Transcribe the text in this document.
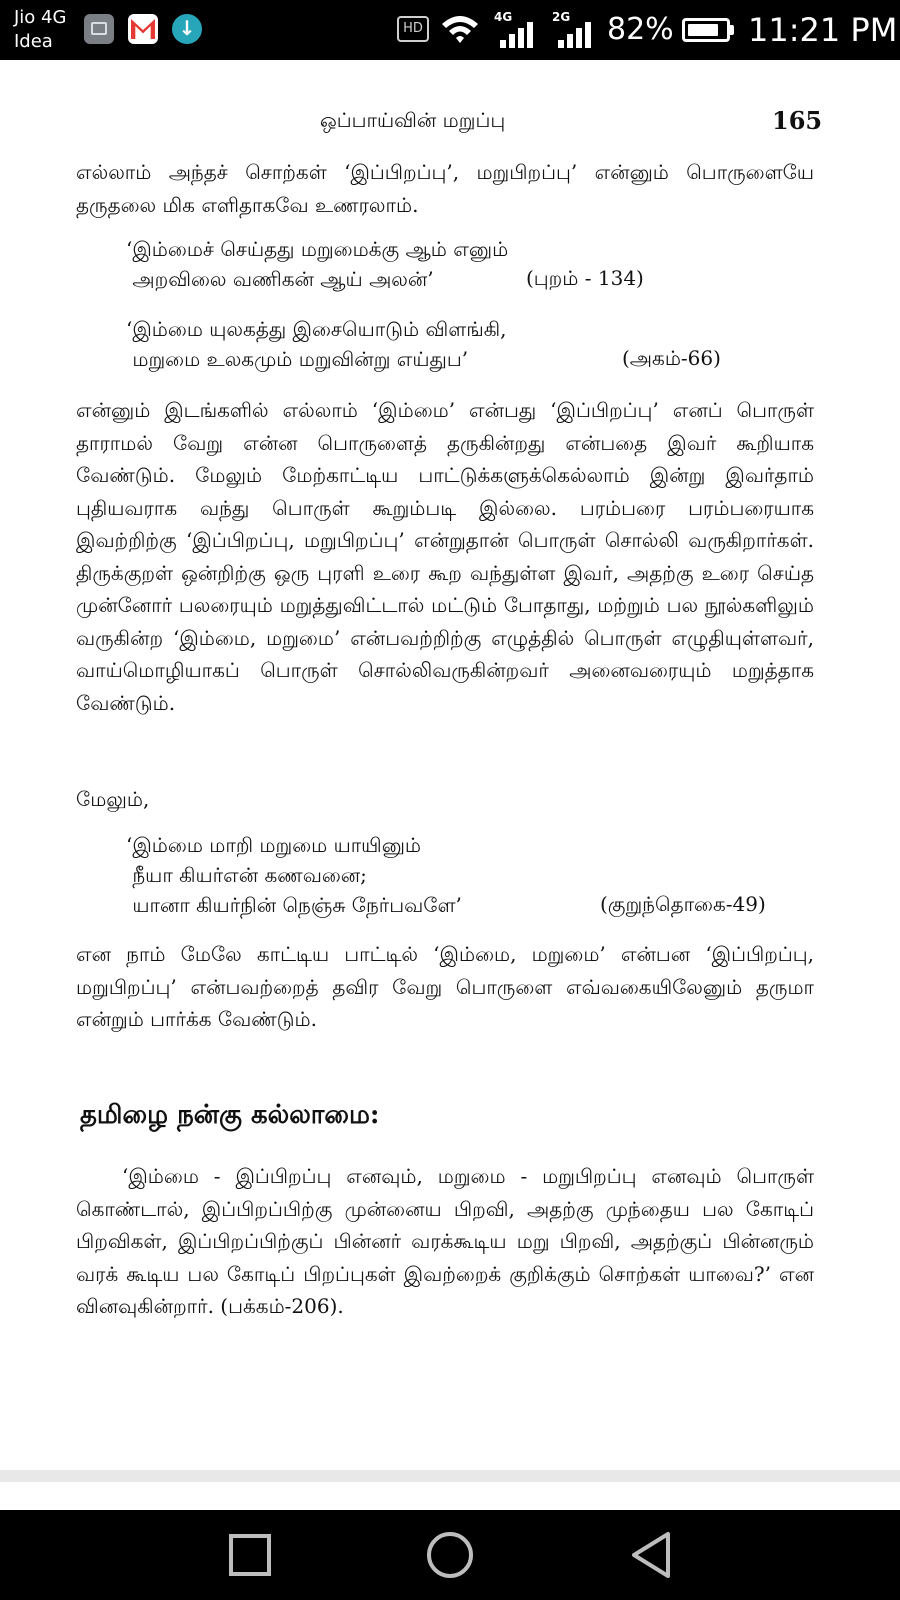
Jio 4G
Idea
↓
HD
4G	2G 82% 11:21 PM
ஒப்பாய்வின் மறுப்பு	165

எல்லாம் அந்தச் சொற்கள் ‘இப்பிறப்பு’, மறுபிறப்பு’ என்னும் பொருளையே தருதலை மிக எளிதாகவே உணரலாம்.

‘இம்மைச் செய்தது மறுமைக்கு ஆம் எனும்
அறவிலை வணிகன் ஆய் அலன்’	(புறம் - 134)
‘இம்மை யுலகத்து இசையொடும் விளங்கி,
மறுமை உலகமும் மறுவின்று எய்துப’	(அகம்-66)

என்னும் இடங்களில் எல்லாம் ‘இம்மை’ என்பது ‘இப்பிறப்பு’ எனப் பொருள் தாராமல் வேறு என்ன பொருளைத் தருகின்றது என்பதை இவர் கூறியாக வேண்டும். மேலும் மேற்காட்டிய பாட்டுக்களுக்கெல்லாம் இன்று இவர்தாம் புதியவராக வந்து பொருள் கூறும்படி இல்லை. பரம்பரை பரம்பரையாக இவற்றிற்கு ‘இப்பிறப்பு, மறுபிறப்பு’ என்றுதான் பொருள் சொல்லி வருகிறார்கள். திருக்குறள் ஒன்றிற்கு ஒரு புரளி உரை கூற வந்துள்ள இவர், அதற்கு உரை செய்த முன்னோர் பலரையும் மறுத்துவிட்டால் மட்டும் போதாது, மற்றும் பல நூல்களிலும் வருகின்ற ‘இம்மை, மறுமை’ என்பவற்றிற்கு எழுத்தில் பொருள் எழுதியுள்ளவர், வாய்மொழியாகப் பொருள் சொல்லிவருகின்றவர் அனைவரையும் மறுத்தாக வேண்டும்.

மேலும்,
‘இம்மை மாறி மறுமை யாயினும்
நீயா கியர்என் கணவனை;
யானா கியர்நின் நெஞ்சு நேர்பவளே’	(குறுந்தொகை-49)

என நாம் மேலே காட்டிய பாட்டில் ‘இம்மை, மறுமை’ என்பன ‘இப்பிறப்பு, மறுபிறப்பு’ என்பவற்றைத் தவிர வேறு பொருளை எவ்வகையிலேனும் தருமா என்றும் பார்க்க வேண்டும்.

தமிழை நன்கு கல்லாமை:

‘இம்மை - இப்பிறப்பு எனவும், மறுமை - மறுபிறப்பு எனவும் பொருள் கொண்டால், இப்பிறப்பிற்கு முன்னைய பிறவி, அதற்கு முந்தைய பல கோடிப் பிறவிகள், இப்பிறப்பிற்குப் பின்னர் வரக்கூடிய மறு பிறவி, அதற்குப் பின்னரும் வரக் கூடிய பல கோடிப் பிறப்புகள் இவற்றைக் குறிக்கும் சொற்கள் யாவை?’ என வினவுகின்றார். (பக்கம்-206).
